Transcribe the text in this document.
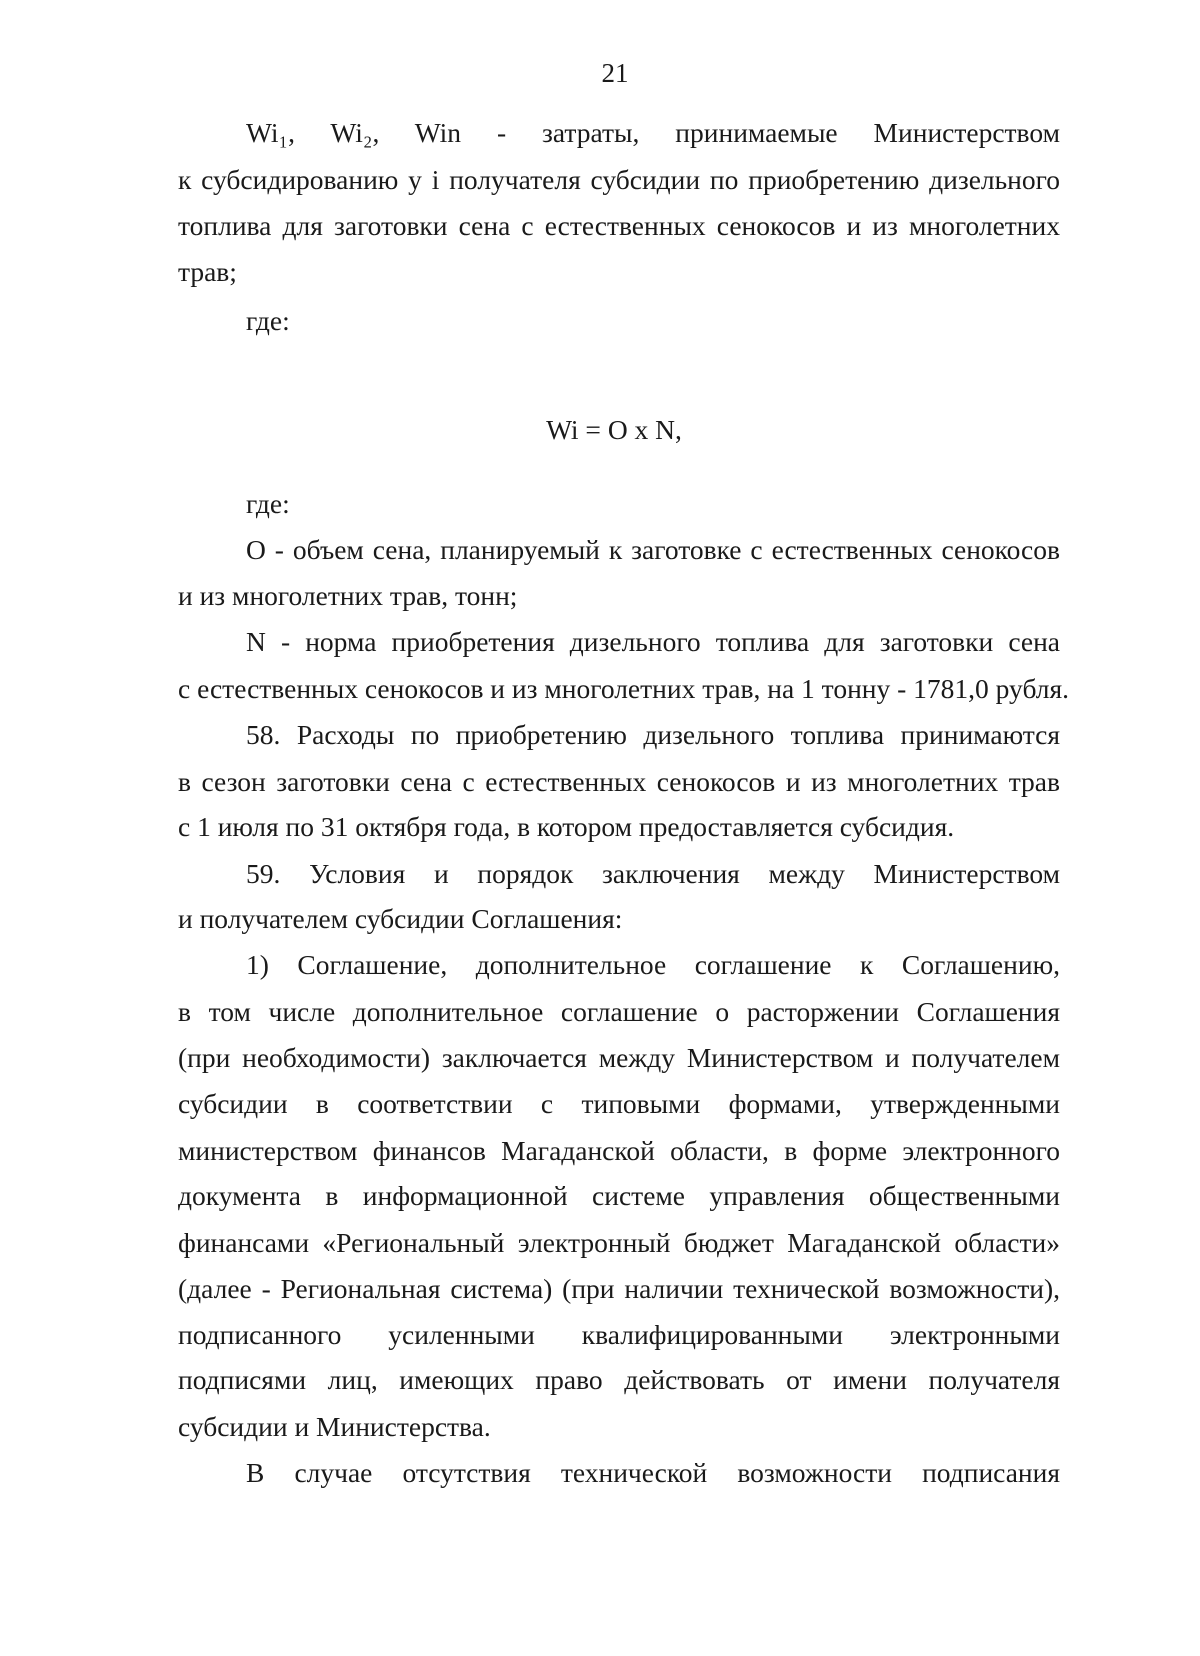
21
Wi₁, Wi₂, Win - затраты, принимаемые Министерством
к субсидированию у i получателя субсидии по приобретению дизельного
топлива для заготовки сена с естественных сенокосов и из многолетних
трав;
где:
Wi = O x N,
где:
O - объем сена, планируемый к заготовке с естественных сенокосов
и из многолетних трав, тонн;
N - норма приобретения дизельного топлива для заготовки сена
с естественных сенокосов и из многолетних трав, на 1 тонну - 1781,0 рубля.
58. Расходы по приобретению дизельного топлива принимаются
в сезон заготовки сена с естественных сенокосов и из многолетних трав
с 1 июля по 31 октября года, в котором предоставляется субсидия.
59. Условия и порядок заключения между Министерством
и получателем субсидии Соглашения:
1) Соглашение, дополнительное соглашение к Соглашению,
в том числе дополнительное соглашение о расторжении Соглашения
(при необходимости) заключается между Министерством и получателем
субсидии в соответствии с типовыми формами, утвержденными
министерством финансов Магаданской области, в форме электронного
документа в информационной системе управления общественными
финансами «Региональный электронный бюджет Магаданской области»
(далее - Региональная система) (при наличии технической возможности),
подписанного усиленными квалифицированными электронными
подписями лиц, имеющих право действовать от имени получателя
субсидии и Министерства.
В случае отсутствия технической возможности подписания
